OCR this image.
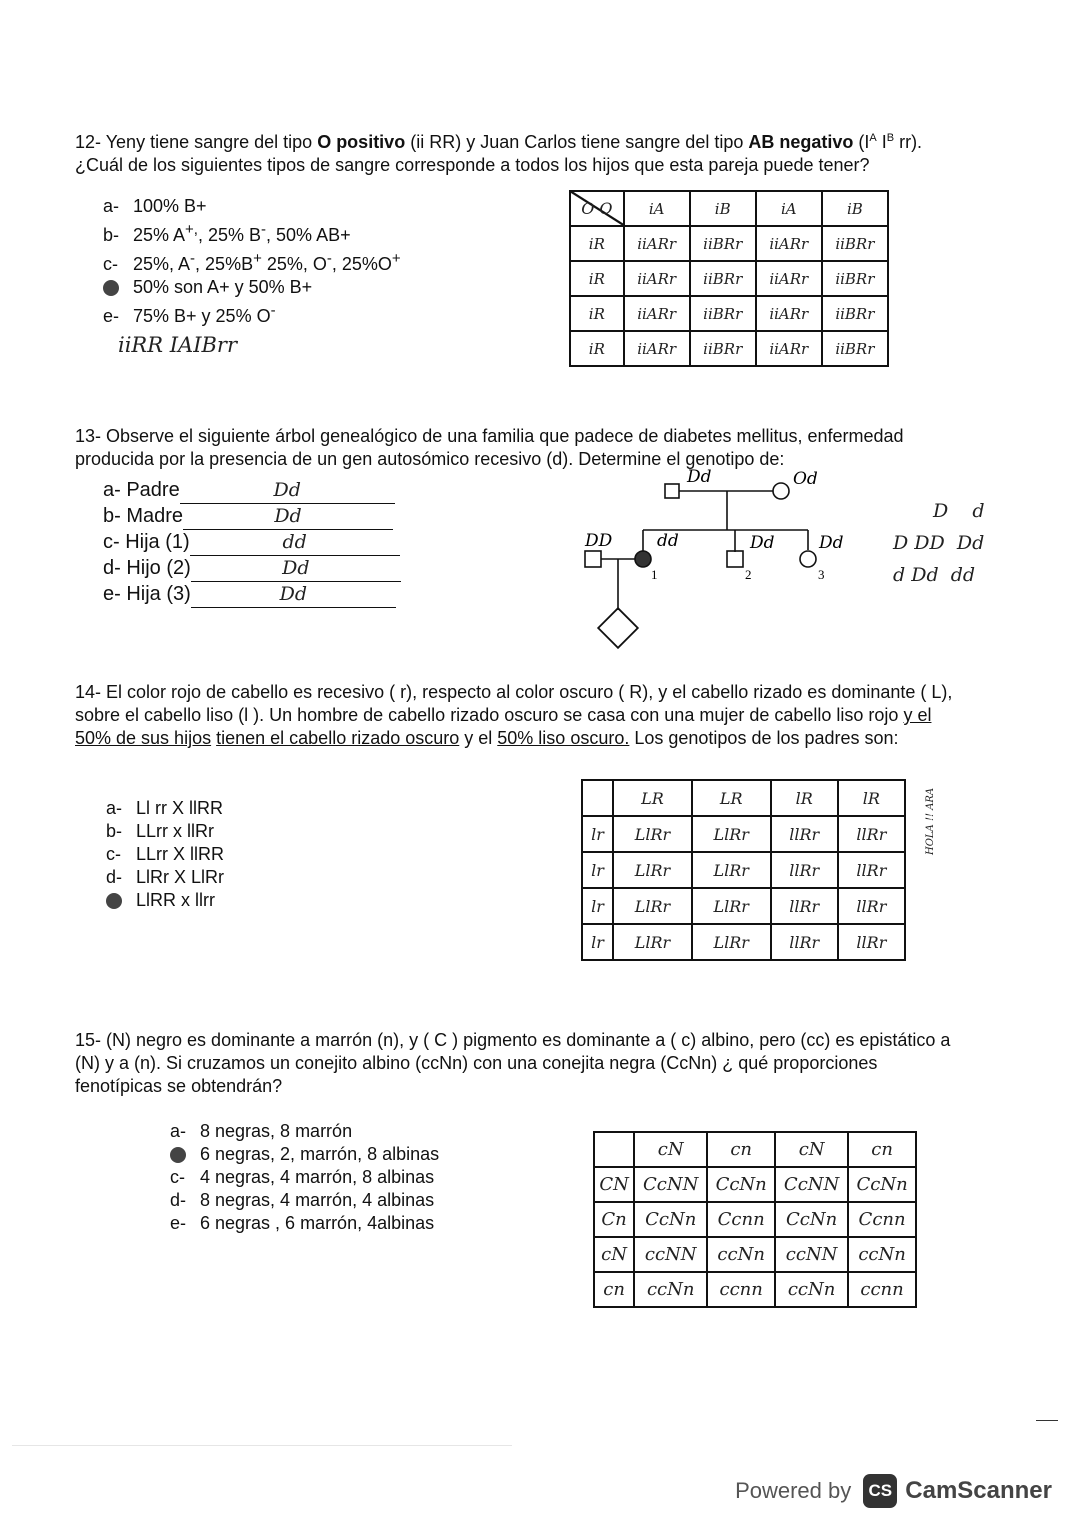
12- Yeny tiene sangre del tipo O positivo (ii RR) y Juan Carlos tiene sangre del tipo AB negativo ($I^A$ $I^B$ rr). ¿Cuál de los siguientes tipos de sangre corresponde a todos los hijos que esta pareja puede tener?
a- 100% B+
b- 25% A+,, 25% B-, 50% AB+
c- 25%, A-, 25%B+ 25%, O-, 25%O+
50% son A+ y 50% B+
e- 75% B+ y 25% O-
iiRR IAIBrr
O O	iA	iB	iA	iB
iR	iiARr	iiBRr	iiARr	iiBRr
iR	iiARr	iiBRr	iiARr	iiBRr
iR	iiARr	iiBRr	iiARr	iiBRr
iR	iiARr	iiBRr	iiARr	iiBRr
13- Observe el siguiente árbol genealógico de una familia que padece de diabetes mellitus, enfermedad producida por la presencia de un gen autosómico recesivo (d). Determine el genotipo de:
a- Padre	Dd
b- Madre	Dd
c- Hija (1)	dd
d- Hijo (2)	Dd
e- Hija (3)	Dd
1	2	3
Dd	Od
DD	dd	Dd	Dd
D d
D DD Dd
d Dd dd
14- El color rojo de cabello es recesivo ( r), respecto al color oscuro ( R), y el cabello rizado es dominante ( L), sobre el cabello liso (l ). Un hombre de cabello rizado oscuro se casa con una mujer de cabello liso rojo y el 50% de sus hijos tienen el cabello rizado oscuro y el 50% liso oscuro. Los genotipos de los padres son:
a- Ll rr X llRR
b- LLrr x llRr
c- LLrr X llRR
d- LlRr X LlRr
LlRR x llrr
	LR	LR	lR	lR
lr	LlRr	LlRr	llRr	llRr
lr	LlRr	LlRr	llRr	llRr
lr	LlRr	LlRr	llRr	llRr
lr	LlRr	LlRr	llRr	llRr
HOLA !! ARA
15- (N) negro es dominante a marrón (n), y ( C ) pigmento es dominante a ( c) albino, pero (cc) es epistático a (N) y a (n). Si cruzamos un conejito albino (ccNn) con una conejita negra (CcNn) ¿ qué proporciones fenotípicas se obtendrán?
a- 8 negras, 8 marrón
6 negras, 2, marrón, 8 albinas
c- 4 negras, 4 marrón, 8 albinas
d- 8 negras, 4 marrón, 4 albinas
e- 6 negras , 6 marrón, 4albinas
	cN	cn	cN	cn
CN	CcNN	CcNn	CcNN	CcNn
Cn	CcNn	Ccnn	CcNn	Ccnn
cN	ccNN	ccNn	ccNN	ccNn
cn	ccNn	ccnn	ccNn	ccnn
Powered by	CS CamScanner
